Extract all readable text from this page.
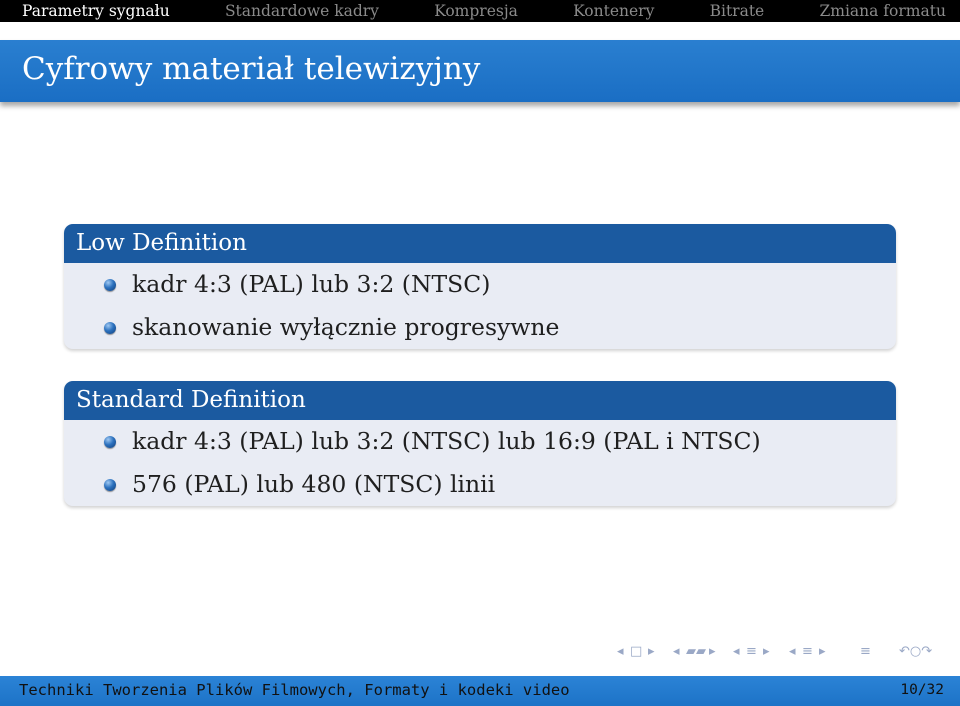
Parametry sygnału	Standardowe kadry	Kompresja	Kontenery	Bitrate	Zmiana formatu
Cyfrowy materiał telewizyjny
Low Definition
kadr 4:3 (PAL) lub 3:2 (NTSC)
skanowanie wyłącznie progresywne
Standard Definition
kadr 4:3 (PAL) lub 3:2 (NTSC) lub 16:9 (PAL i NTSC)
576 (PAL) lub 480 (NTSC) linii
◂ □ ▸ ◂ ▰▰ ▸ ◂ ≡ ▸ ◂ ≡ ▸	≡ ↶○↷
Techniki Tworzenia Plików Filmowych, Formaty i kodeki video	10/32
